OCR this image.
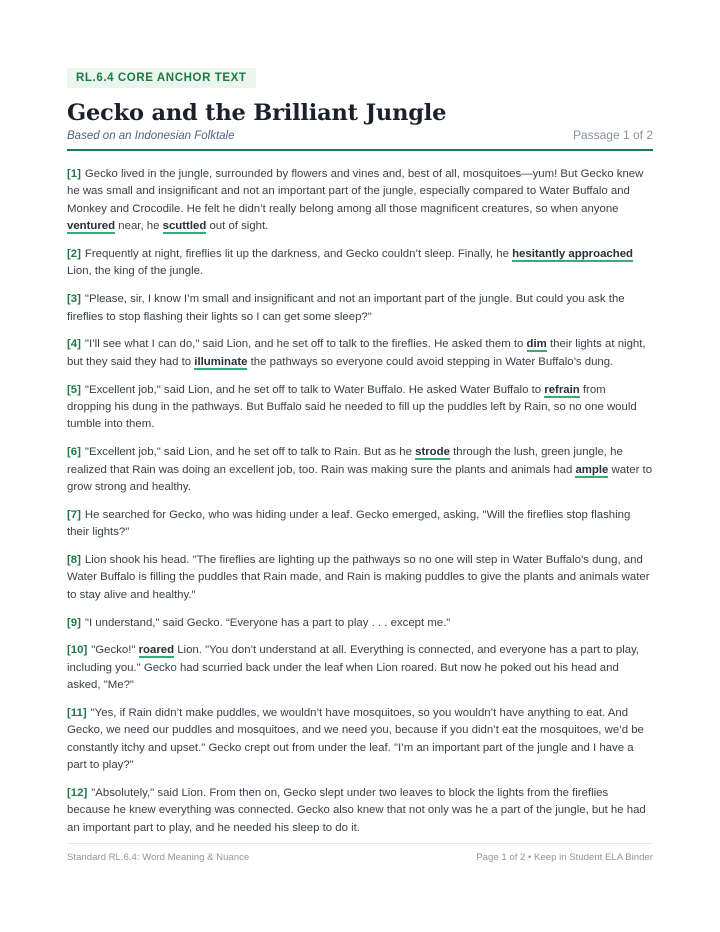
RL.6.4 CORE ANCHOR TEXT
Gecko and the Brilliant Jungle
Based on an Indonesian Folktale	Passage 1 of 2

[1] Gecko lived in the jungle, surrounded by flowers and vines and, best of all, mosquitoes—yum! But Gecko knew he was small and insignificant and not an important part of the jungle, especially compared to Water Buffalo and Monkey and Crocodile. He felt he didn’t really belong among all those magnificent creatures, so when anyone ventured near, he scuttled out of sight.

[2] Frequently at night, fireflies lit up the darkness, and Gecko couldn’t sleep. Finally, he hesitantly approached Lion, the king of the jungle.

[3] "Please, sir, I know I’m small and insignificant and not an important part of the jungle. But could you ask the fireflies to stop flashing their lights so I can get some sleep?"

[4] "I’ll see what I can do," said Lion, and he set off to talk to the fireflies. He asked them to dim their lights at night, but they said they had to illuminate the pathways so everyone could avoid stepping in Water Buffalo’s dung.

[5] "Excellent job," said Lion, and he set off to talk to Water Buffalo. He asked Water Buffalo to refrain from dropping his dung in the pathways. But Buffalo said he needed to fill up the puddles left by Rain, so no one would tumble into them.

[6] "Excellent job," said Lion, and he set off to talk to Rain. But as he strode through the lush, green jungle, he realized that Rain was doing an excellent job, too. Rain was making sure the plants and animals had ample water to grow strong and healthy.

[7] He searched for Gecko, who was hiding under a leaf. Gecko emerged, asking, "Will the fireflies stop flashing their lights?"

[8] Lion shook his head. "The fireflies are lighting up the pathways so no one will step in Water Buffalo’s dung, and Water Buffalo is filling the puddles that Rain made, and Rain is making puddles to give the plants and animals water to stay alive and healthy."

[9] "I understand," said Gecko. “Everyone has a part to play . . . except me."

[10] "Gecko!" roared Lion. "You don’t understand at all. Everything is connected, and everyone has a part to play, including you." Gecko had scurried back under the leaf when Lion roared. But now he poked out his head and asked, "Me?"

[11] "Yes, if Rain didn’t make puddles, we wouldn’t have mosquitoes, so you wouldn’t have anything to eat. And Gecko, we need our puddles and mosquitoes, and we need you, because if you didn’t eat the mosquitoes, we’d be constantly itchy and upset." Gecko crept out from under the leaf. "I’m an important part of the jungle and I have a part to play?"

[12] "Absolutely," said Lion. From then on, Gecko slept under two leaves to block the lights from the fireflies because he knew everything was connected. Gecko also knew that not only was he a part of the jungle, but he had an important part to play, and he needed his sleep to do it.

Standard RL.6.4: Word Meaning & Nuance	Page 1 of 2 • Keep in Student ELA Binder
